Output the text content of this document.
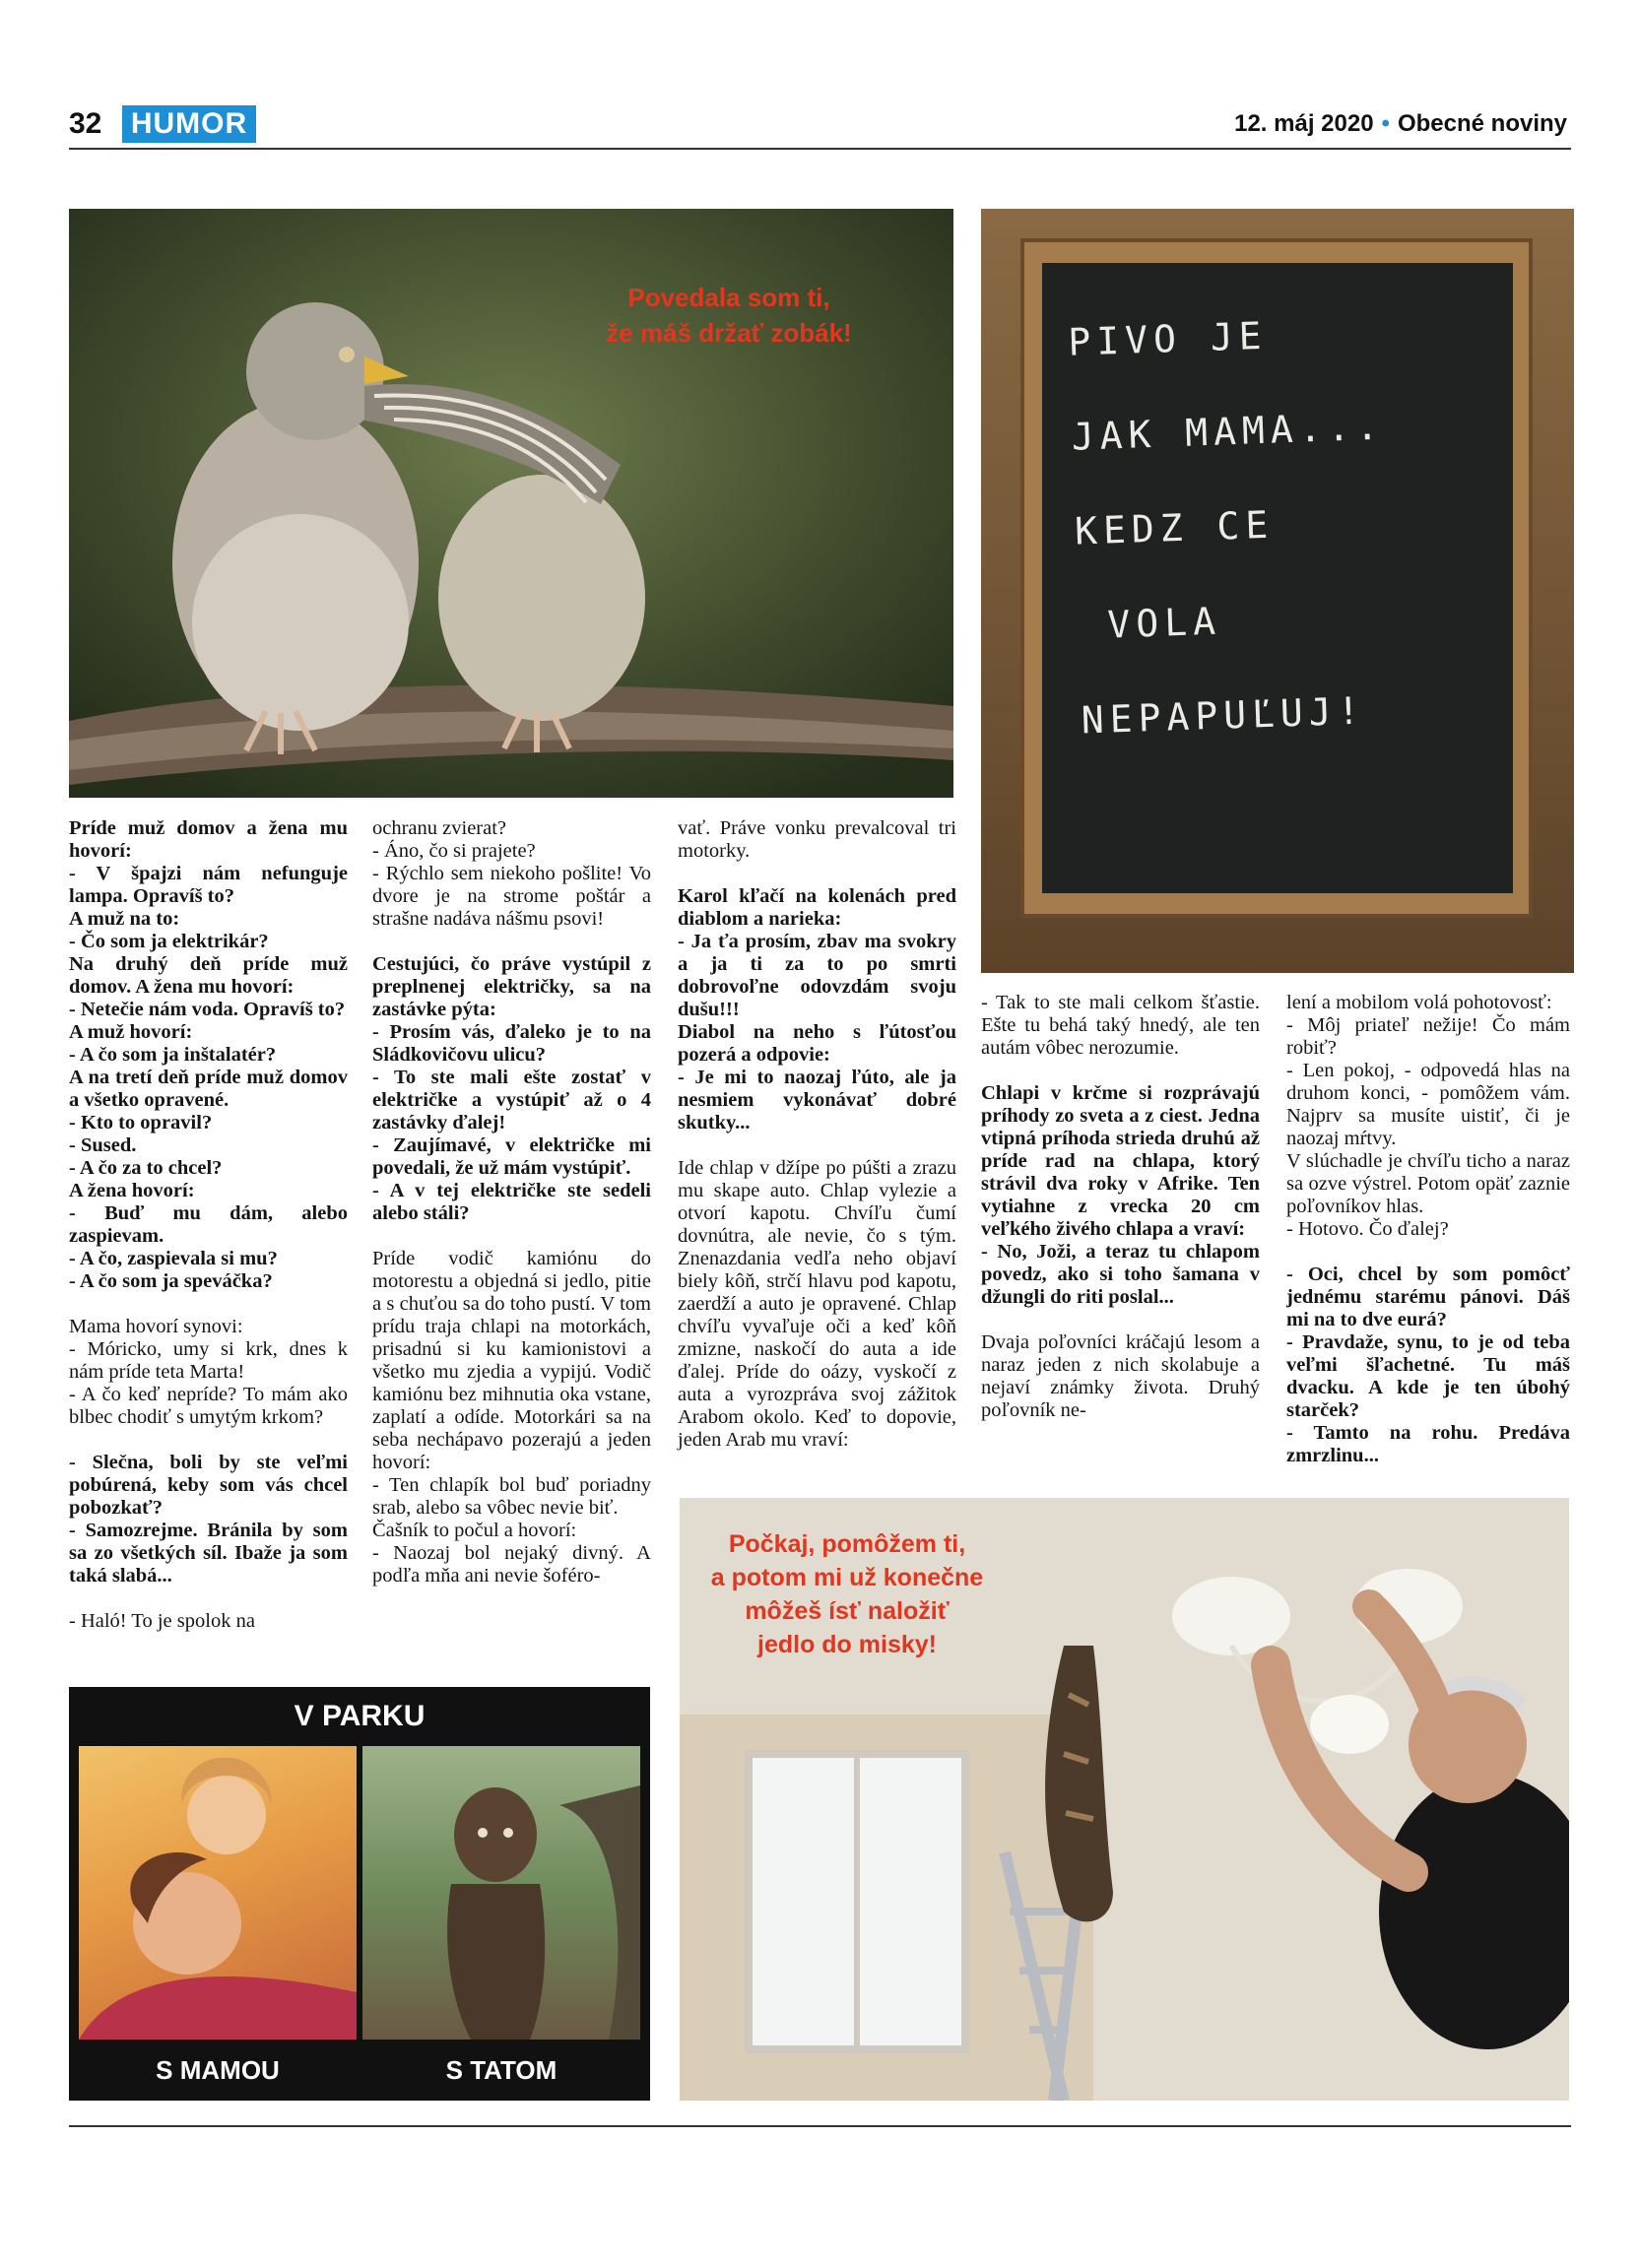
32 HUMOR	12. máj 2020 • Obecné noviny
Povedala som ti,
že máš držať zobák!	PIVO JE
JAK MAMA...
KEDZ CE
VOLA
NEPAPUĽUJ!

Príde muž domov a žena mu hovorí:
- V špajzi nám nefunguje lampa. Opravíš to?
A muž na to:
- Čo som ja elektrikár?
Na druhý deň príde muž domov. A žena mu hovorí:
- Netečie nám voda. Opravíš to?
A muž hovorí:
- A čo som ja inštalatér?
A na tretí deň príde muž domov a všetko opravené.
- Kto to opravil?
- Sused.
- A čo za to chcel?
A žena hovorí:
- Buď mu dám, alebo zaspievam.
- A čo, zaspievala si mu?
- A čo som ja speváčka?

Mama hovorí synovi:
- Móricko, umy si krk, dnes k nám príde teta Marta!
- A čo keď nepríde? To mám ako blbec chodiť s umytým krkom?

- Slečna, boli by ste veľmi pobúrená, keby som vás chcel pobozkať?
- Samozrejme. Bránila by som sa zo všetkých síl. Ibaže ja som taká slabá...

- Haló! To je spolok na

ochranu zvierat?
- Áno, čo si prajete?
- Rýchlo sem niekoho pošlite! Vo dvore je na strome poštár a strašne nadáva nášmu psovi!

Cestujúci, čo práve vystúpil z preplnenej električky, sa na zastávke pýta:
- Prosím vás, ďaleko je to na Sládkovičovu ulicu?
- To ste mali ešte zostať v električke a vystúpiť až o 4 zastávky ďalej!
- Zaujímavé, v električke mi povedali, že už mám vystúpiť.
- A v tej električke ste sedeli alebo stáli?

Príde vodič kamiónu do motorestu a objedná si jedlo, pitie a s chuťou sa do toho pustí. V tom prídu traja chlapi na motorkách, prisadnú si ku kamionistovi a všetko mu zjedia a vypijú. Vodič kamiónu bez mihnutia oka vstane, zaplatí a odíde. Motorkári sa na seba nechápavo pozerajú a jeden hovorí:
- Ten chlapík bol buď poriadny srab, alebo sa vôbec nevie biť.
Čašník to počul a hovorí:
- Naozaj bol nejaký divný. A podľa mňa ani nevie šoféro-

vať. Práve vonku prevalcoval tri motorky.

Karol kľačí na kolenách pred diablom a narieka:
- Ja ťa prosím, zbav ma svokry a ja ti za to po smrti dobrovoľne odovzdám svoju dušu!!!
Diabol na neho s ľútosťou pozerá a odpovie:
- Je mi to naozaj ľúto, ale ja nesmiem vykonávať dobré skutky...

Ide chlap v džípe po púšti a zrazu mu skape auto. Chlap vylezie a otvorí kapotu. Chvíľu čumí dovnútra, ale nevie, čo s tým. Znenazdania vedľa neho objaví biely kôň, strčí hlavu pod kapotu, zaerdží a auto je opravené. Chlap chvíľu vyvaľuje oči a keď kôň zmizne, naskočí do auta a ide ďalej. Príde do oázy, vyskočí z auta a vyrozpráva svoj zážitok Arabom okolo. Keď to dopovie, jeden Arab mu vraví:

- Tak to ste mali celkom šťastie. Ešte tu behá taký hnedý, ale ten autám vôbec nerozumie.

Chlapi v krčme si rozprávajú príhody zo sveta a z ciest. Jedna vtipná príhoda strieda druhú až príde rad na chlapa, ktorý strávil dva roky v Afrike. Ten vytiahne z vrecka 20 cm veľkého živého chlapa a vraví:
- No, Joži, a teraz tu chlapom povedz, ako si toho šamana v džungli do riti poslal...

Dvaja poľovníci kráčajú lesom a naraz jeden z nich skolabuje a nejaví známky života. Druhý poľovník ne-

lení a mobilom volá pohotovosť:
- Môj priateľ nežije! Čo mám robiť?
- Len pokoj, - odpovedá hlas na druhom konci, - pomôžem vám. Najprv sa musíte uistiť, či je naozaj mŕtvy.
V slúchadle je chvíľu ticho a naraz sa ozve výstrel. Potom opäť zaznie poľovníkov hlas.
- Hotovo. Čo ďalej?

- Oci, chcel by som pomôcť jednému starému pánovi. Dáš mi na to dve eurá?
- Pravdaže, synu, to je od teba veľmi šľachetné. Tu máš dvacku. A kde je ten úbohý starček?
- Tamto na rohu. Predáva zmrzlinu...

Počkaj, pomôžem ti,
a potom mi už konečne
môžeš ísť naložiť
jedlo do misky!
V PARKU
S MAMOU	S TATOM
